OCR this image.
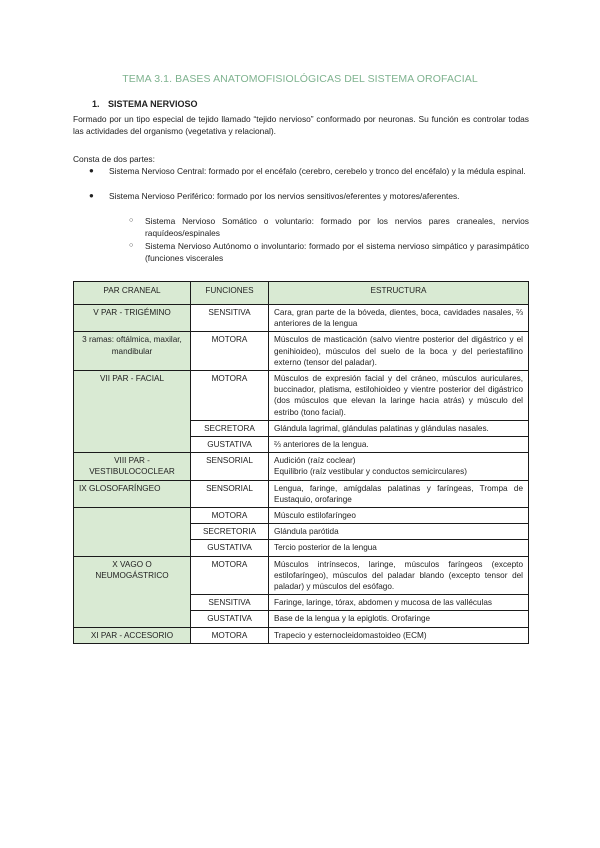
TEMA 3.1. BASES ANATOMOFISIOLÓGICAS DEL SISTEMA OROFACIAL
1. SISTEMA NERVIOSO
Formado por un tipo especial de tejido llamado “tejido nervioso” conformado por neuronas. Su función es controlar todas las actividades del organismo (vegetativa y relacional).
Consta de dos partes:
● Sistema Nervioso Central: formado por el encéfalo (cerebro, cerebelo y tronco del encéfalo) y la médula espinal.
● Sistema Nervioso Periférico: formado por los nervios sensitivos/eferentes y motores/aferentes.
○ Sistema Nervioso Somático o voluntario: formado por los nervios pares craneales, nervios raquídeos/espinales
○ Sistema Nervioso Autónomo o involuntario: formado por el sistema nervioso simpático y parasimpático (funciones viscerales
PAR CRANEAL	FUNCIONES	ESTRUCTURA
V PAR - TRIGÉMINO	SENSITIVA	Cara, gran parte de la bóveda, dientes, boca, cavidades nasales, ⅔ anteriores de la lengua
3 ramas: oftálmica, maxilar, mandibular	MOTORA	Músculos de masticación (salvo vientre posterior del digástrico y el genihioideo), músculos del suelo de la boca y del periestafilino externo (tensor del paladar).
VII PAR - FACIAL	MOTORA	Músculos de expresión facial y del cráneo, músculos auriculares, buccinador, platisma, estilohioideo y vientre posterior del digástrico (dos músculos que elevan la laringe hacia atrás) y músculo del estribo (tono facial).
	SECRETORA	Glándula lagrimal, glándulas palatinas y glándulas nasales.
	GUSTATIVA	⅔ anteriores de la lengua.
VIII PAR - VESTIBULOCOCLEAR	SENSORIAL	Audición (raíz coclear)
Equilibrio (raíz vestibular y conductos semicirculares)

IX GLOSOFARÍNGEO	SENSORIAL	Lengua, faringe, amígdalas palatinas y faríngeas, Trompa de Eustaquio, orofaringe
	MOTORA	Músculo estilofaríngeo
	SECRETORIA	Glándula parótida
	GUSTATIVA	Tercio posterior de la lengua
X VAGO O NEUMOGÁSTRICO	MOTORA	Músculos intrínsecos, laringe, músculos faríngeos (excepto estilofaríngeo), músculos del paladar blando (excepto tensor del paladar) y músculos del esófago.
	SENSITIVA	Faringe, laringe, tórax, abdomen y mucosa de las valléculas
	GUSTATIVA	Base de la lengua y la epiglotis. Orofaringe
XI PAR - ACCESORIO	MOTORA	Trapecio y esternocleidomastoideo (ECM)
